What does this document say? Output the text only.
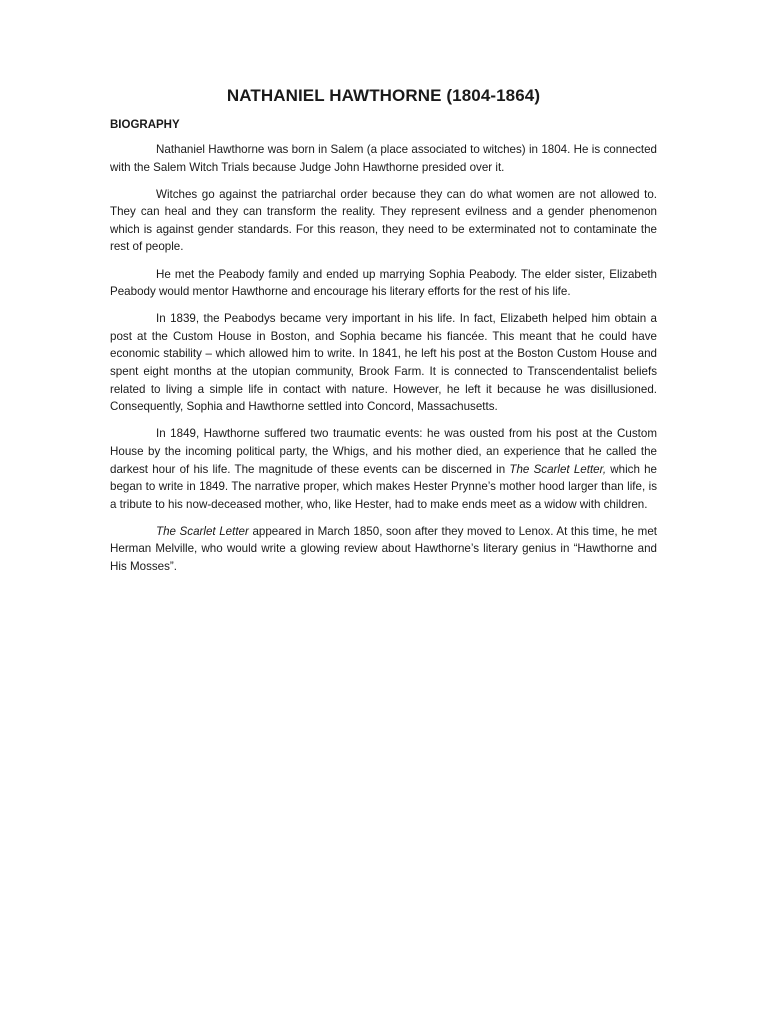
NATHANIEL HAWTHORNE (1804-1864)
BIOGRAPHY

Nathaniel Hawthorne was born in Salem (a place associated to witches) in 1804. He is connected with the Salem Witch Trials because Judge John Hawthorne presided over it.

Witches go against the patriarchal order because they can do what women are not allowed to. They can heal and they can transform the reality. They represent evilness and a gender phenomenon which is against gender standards. For this reason, they need to be exterminated not to contaminate the rest of people.

He met the Peabody family and ended up marrying Sophia Peabody. The elder sister, Elizabeth Peabody would mentor Hawthorne and encourage his literary efforts for the rest of his life.

In 1839, the Peabodys became very important in his life. In fact, Elizabeth helped him obtain a post at the Custom House in Boston, and Sophia became his fiancée. This meant that he could have economic stability – which allowed him to write. In 1841, he left his post at the Boston Custom House and spent eight months at the utopian community, Brook Farm. It is connected to Transcendentalist beliefs related to living a simple life in contact with nature. However, he left it because he was disillusioned. Consequently, Sophia and Hawthorne settled into Concord, Massachusetts.

In 1849, Hawthorne suffered two traumatic events: he was ousted from his post at the Custom House by the incoming political party, the Whigs, and his mother died, an experience that he called the darkest hour of his life. The magnitude of these events can be discerned in The Scarlet Letter, which he began to write in 1849. The narrative proper, which makes Hester Prynne’s mother hood larger than life, is a tribute to his now-deceased mother, who, like Hester, had to make ends meet as a widow with children.

The Scarlet Letter appeared in March 1850, soon after they moved to Lenox. At this time, he met Herman Melville, who would write a glowing review about Hawthorne’s literary genius in “Hawthorne and His Mosses”.
